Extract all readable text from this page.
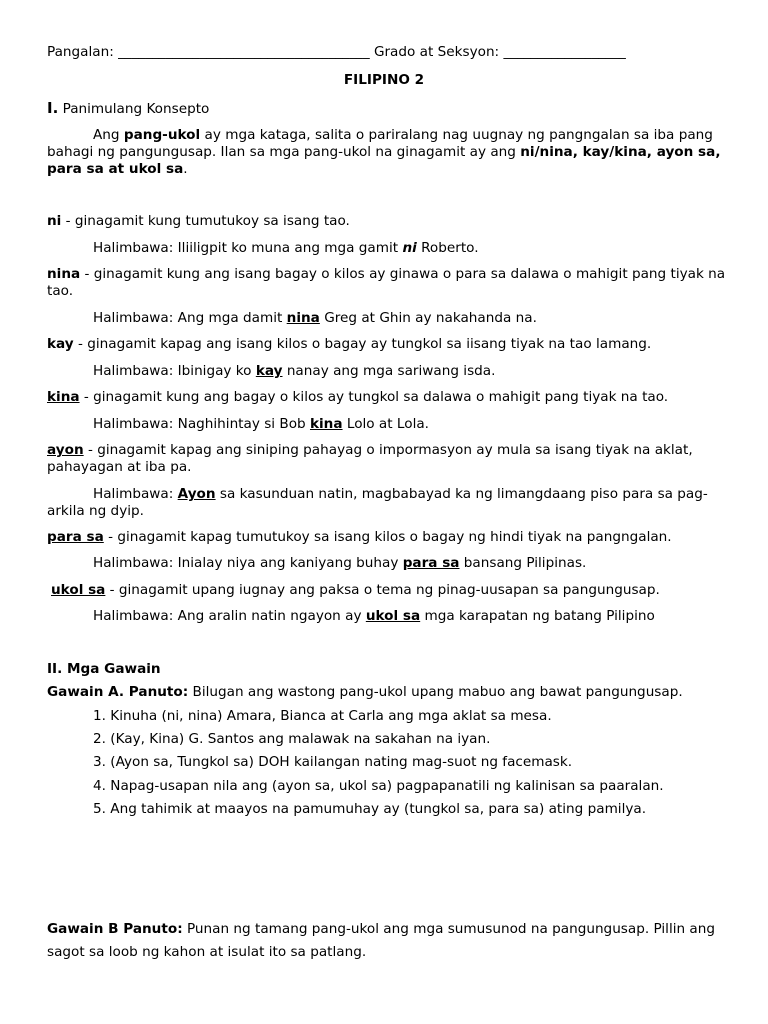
Pangalan: _____________________________________ Grado at Seksyon: __________________
FILIPINO 2
I. Panimulang Konsepto
Ang pang-ukol ay mga kataga, salita o pariralang nag uugnay ng pangngalan sa iba pang bahagi ng pangungusap. Ilan sa mga pang-ukol na ginagamit ay ang ni/nina, kay/kina, ayon sa, para sa at ukol sa.
ni - ginagamit kung tumutukoy sa isang tao.
Halimbawa: Iliiligpit ko muna ang mga gamit ni Roberto.
nina - ginagamit kung ang isang bagay o kilos ay ginawa o para sa dalawa o mahigit pang tiyak na tao.
Halimbawa: Ang mga damit nina Greg at Ghin ay nakahanda na.
kay - ginagamit kapag ang isang kilos o bagay ay tungkol sa iisang tiyak na tao lamang.
Halimbawa: Ibinigay ko kay nanay ang mga sariwang isda.
kina - ginagamit kung ang bagay o kilos ay tungkol sa dalawa o mahigit pang tiyak na tao.
Halimbawa: Naghihintay si Bob kina Lolo at Lola.
ayon - ginagamit kapag ang siniping pahayag o impormasyon ay mula sa isang tiyak na aklat, pahayagan at iba pa.
Halimbawa: Ayon sa kasunduan natin, magbabayad ka ng limangdaang piso para sa pag-arkila ng dyip.
para sa - ginagamit kapag tumutukoy sa isang kilos o bagay ng hindi tiyak na pangngalan.
Halimbawa: Inialay niya ang kaniyang buhay para sa bansang Pilipinas.
ukol sa - ginagamit upang iugnay ang paksa o tema ng pinag-uusapan sa pangungusap.
Halimbawa: Ang aralin natin ngayon ay ukol sa mga karapatan ng batang Pilipino
II. Mga Gawain
Gawain A. Panuto: Bilugan ang wastong pang-ukol upang mabuo ang bawat pangungusap.
1. Kinuha (ni, nina) Amara, Bianca at Carla ang mga aklat sa mesa.
2. (Kay, Kina) G. Santos ang malawak na sakahan na iyan.
3. (Ayon sa, Tungkol sa) DOH kailangan nating mag-suot ng facemask.
4. Napag-usapan nila ang (ayon sa, ukol sa) pagpapanatili ng kalinisan sa paaralan.
5. Ang tahimik at maayos na pamumuhay ay (tungkol sa, para sa) ating pamilya.
Gawain B Panuto: Punan ng tamang pang-ukol ang mga sumusunod na pangungusap. Pillin ang sagot sa loob ng kahon at isulat ito sa patlang.
